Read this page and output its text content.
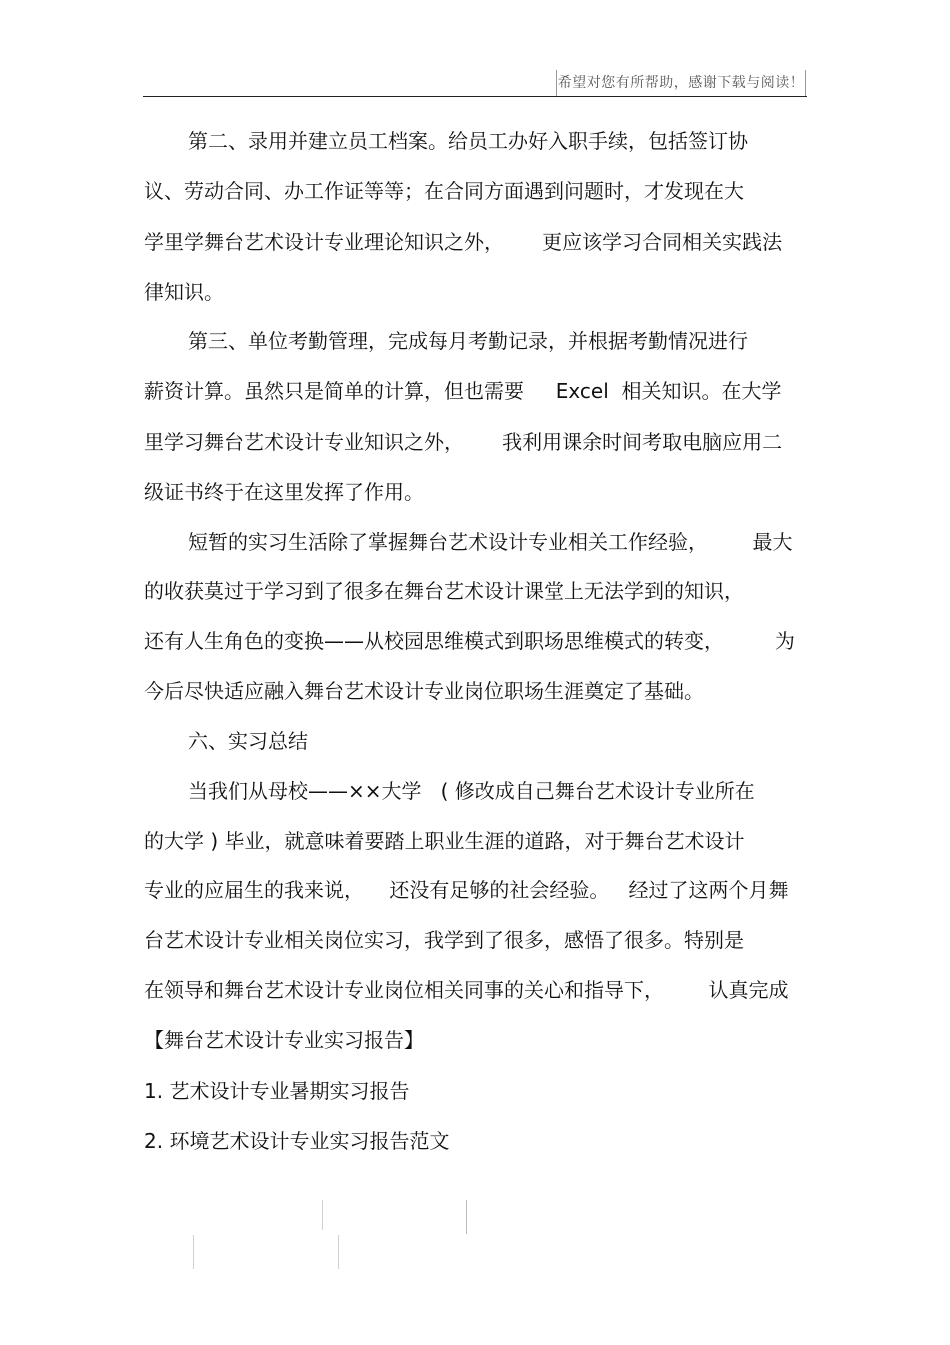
希望对您有所帮助，感谢下载与阅读！
第二、录用并建立员工档案。给员工办好入职手续，包括签订协
议、劳动合同、办工作证等等；在合同方面遇到问题时，才发现在大
学里学舞台艺术设计专业理论知识之外，      更应该学习合同相关实践法
律知识。
第三、单位考勤管理，完成每月考勤记录，并根据考勤情况进行
薪资计算。虽然只是简单的计算，但也需要     Excel  相关知识。在大学
里学习舞台艺术设计专业知识之外，      我利用课余时间考取电脑应用二
级证书终于在这里发挥了作用。
短暂的实习生活除了掌握舞台艺术设计专业相关工作经验，       最大
的收获莫过于学习到了很多在舞台艺术设计课堂上无法学到的知识，
还有人生角色的变换——从校园思维模式到职场思维模式的转变，        为
今后尽快适应融入舞台艺术设计专业岗位职场生涯奠定了基础。
六、实习总结
当我们从母校——××大学   ( 修改成自己舞台艺术设计专业所在
的大学 ) 毕业，就意味着要踏上职业生涯的道路，对于舞台艺术设计
专业的应届生的我来说，    还没有足够的社会经验。   经过了这两个月舞
台艺术设计专业相关岗位实习，我学到了很多，感悟了很多。特别是
在领导和舞台艺术设计专业岗位相关同事的关心和指导下，       认真完成
【舞台艺术设计专业实习报告】
1. 艺术设计专业暑期实习报告
2. 环境艺术设计专业实习报告范文
